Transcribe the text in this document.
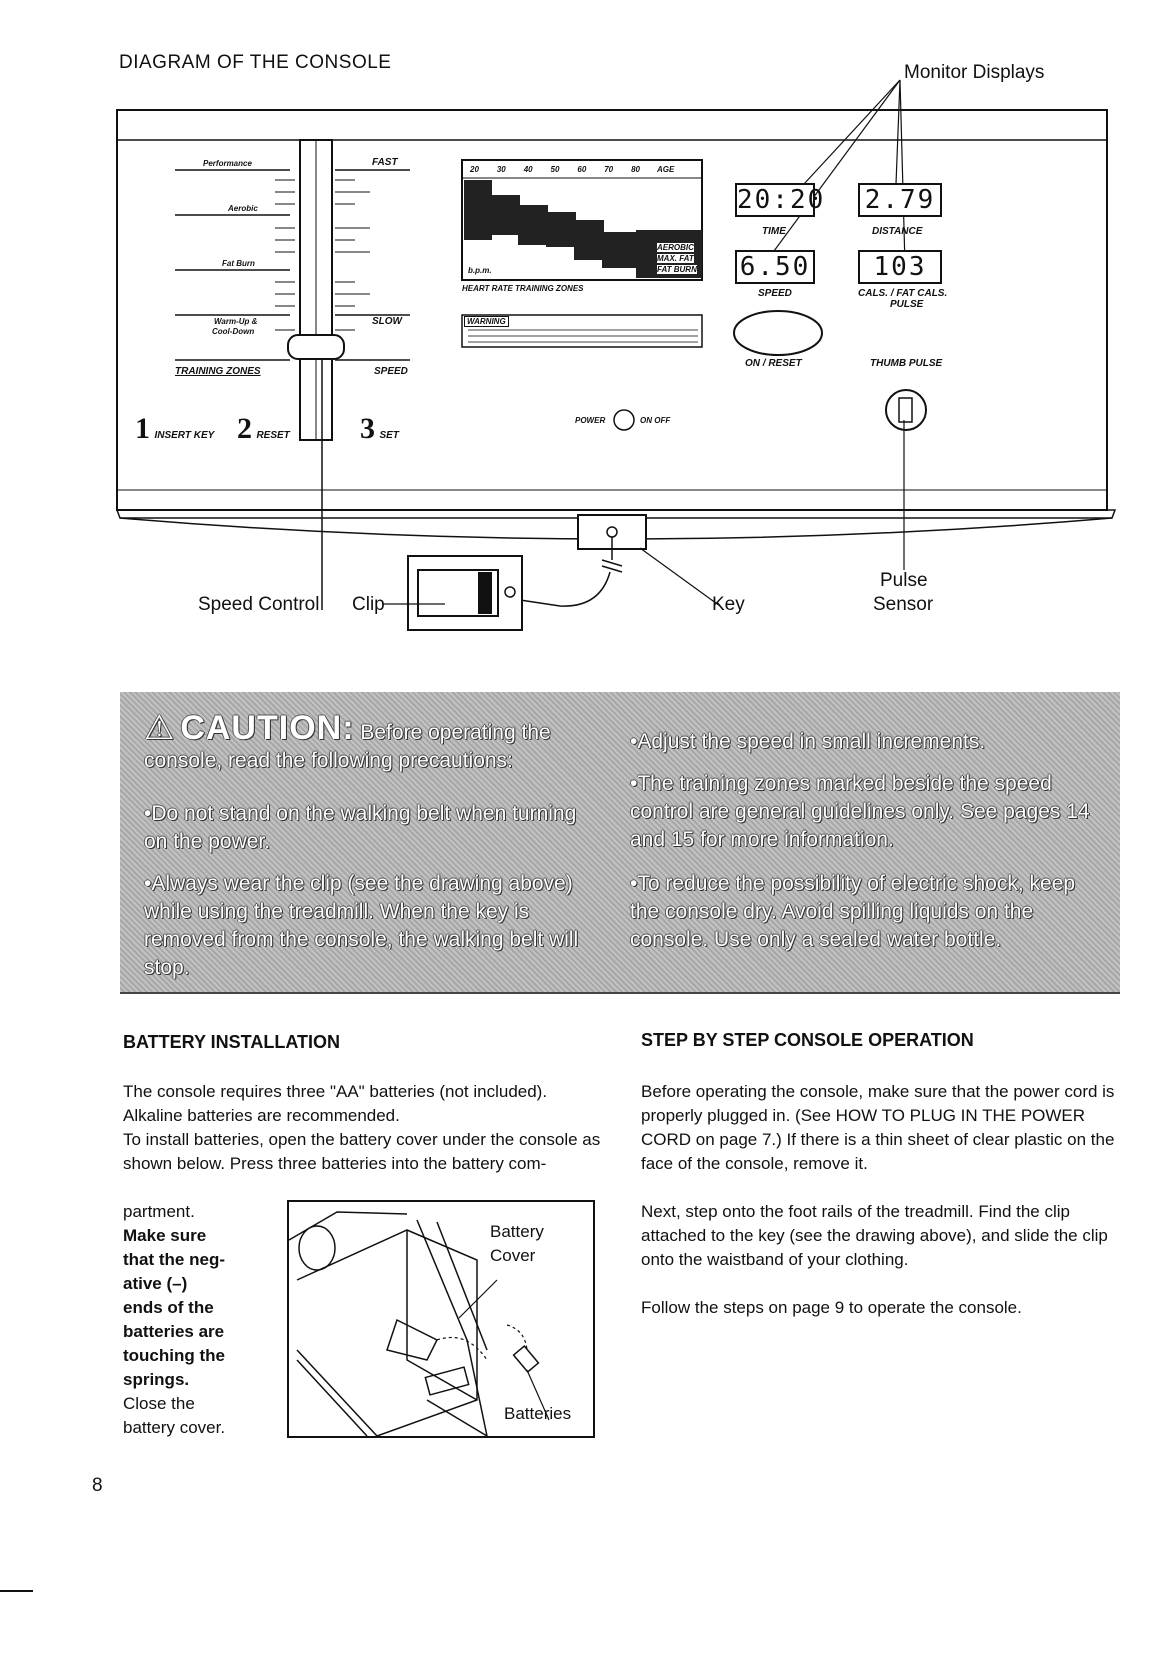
DIAGRAM OF THE CONSOLE	Monitor Displays
Performance
Aerobic
Fat Burn
Warm-Up &
Cool-Down
FAST
SLOW
TRAINING ZONES	SPEED
1 INSERT KEY 2 RESET 3 SET
20 30 40 50 60 70 80 AGE
b.p.m.
AEROBIC
MAX. FAT
FAT BURN
HEART RATE TRAINING ZONES
WARNING
POWER	ON OFF
20:20
TIME
6.50
SPEED
ON / RESET
2.79
DISTANCE
103
CALS. / FAT CALS.
PULSE
THUMB PULSE
Speed Control Clip	Key
Pulse
Sensor
⚠ CAUTION: Before operating the console, read the following precautions:
•Do not stand on the walking belt when turning on the power.
•Always wear the clip (see the drawing above) while using the treadmill. When the key is removed from the console, the walking belt will stop.
•Adjust the speed in small increments.
•The training zones marked beside the speed control are general guidelines only. See pages 14 and 15 for more information.
•To reduce the possibility of electric shock, keep the console dry. Avoid spilling liquids on the console. Use only a sealed water bottle.
BATTERY INSTALLATION
The console requires three "AA" batteries (not included). Alkaline batteries are recommended.
To install batteries, open the battery cover under the console as shown below. Press three batteries into the battery com-
partment.
Make sure
that the neg-
ative (–)
ends of the
batteries are
touching the
springs.
Close the
battery cover.
Battery
Cover
Batteries
STEP BY STEP CONSOLE OPERATION
Before operating the console, make sure that the power cord is properly plugged in. (See HOW TO PLUG IN THE POWER CORD on page 7.) If there is a thin sheet of clear plastic on the face of the console, remove it.
Next, step onto the foot rails of the treadmill. Find the clip attached to the key (see the drawing above), and slide the clip onto the waistband of your clothing.
Follow the steps on page 9 to operate the console.
8
